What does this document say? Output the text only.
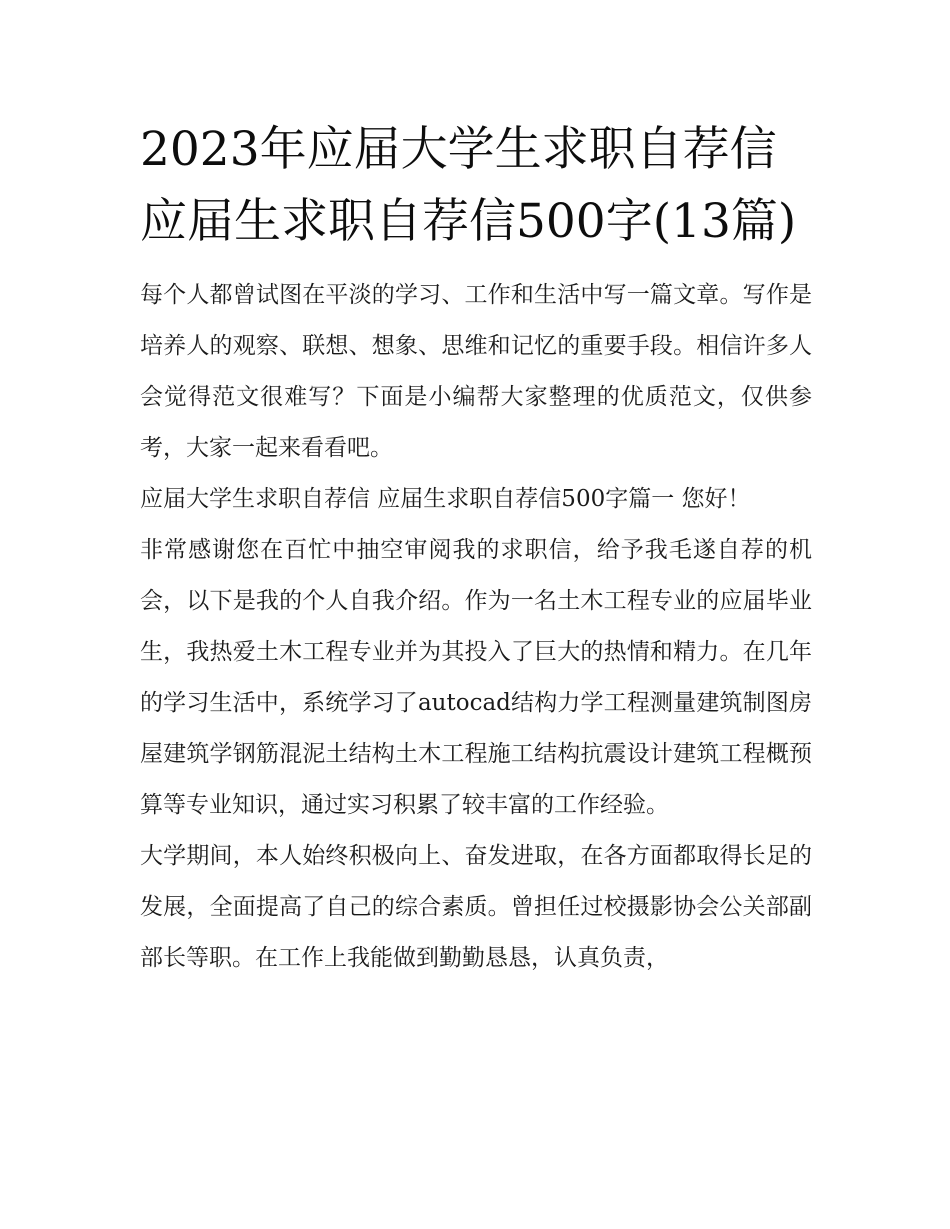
2023年应届大学生求职自荐信 应届生求职自荐信500字(13篇)

每个人都曾试图在平淡的学习、工作和生活中写一篇文章。写作是培养人的观察、联想、想象、思维和记忆的重要手段。相信许多人会觉得范文很难写？下面是小编帮大家整理的优质范文，仅供参考，大家一起来看看吧。

应届大学生求职自荐信 应届生求职自荐信500字篇一 您好！

非常感谢您在百忙中抽空审阅我的求职信，给予我毛遂自荐的机会，以下是我的个人自我介绍。作为一名土木工程专业的应届毕业生，我热爱土木工程专业并为其投入了巨大的热情和精力。在几年的学习生活中，系统学习了autocad结构力学工程测量建筑制图房屋建筑学钢筋混泥土结构土木工程施工结构抗震设计建筑工程概预算等专业知识，通过实习积累了较丰富的工作经验。

大学期间，本人始终积极向上、奋发进取，在各方面都取得长足的发展，全面提高了自己的综合素质。曾担任过校摄影协会公关部副部长等职。在工作上我能做到勤勤恳恳，认真负责，
